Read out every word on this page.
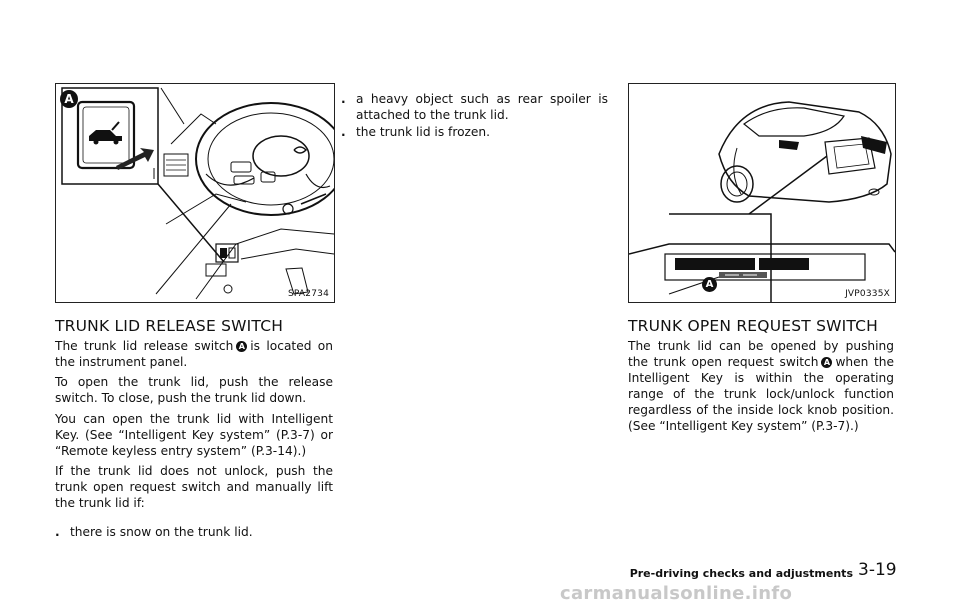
A
SPA2734
A
JVP0335X
TRUNK LID RELEASE SWITCH

The trunk lid release switch A is located on the instrument panel.

To open the trunk lid, push the release switch. To close, push the trunk lid down.

You can open the trunk lid with Intelligent Key. (See “Intelligent Key system” (P.3-7) or “Remote keyless entry system” (P.3-14).)

If the trunk lid does not unlock, push the trunk open request switch and manually lift the trunk lid if:

. there is snow on the trunk lid.
. a heavy object such as rear spoiler is attached to the trunk lid.
. the trunk lid is frozen.
TRUNK OPEN REQUEST SWITCH

The trunk lid can be opened by pushing the trunk open request switch A when the Intelligent Key is within the operating range of the trunk lock/unlock function regardless of the inside lock knob position. (See “Intelligent Key system” (P.3-7).)

Pre-driving checks and adjustments 3-19
carmanualsonline.info
